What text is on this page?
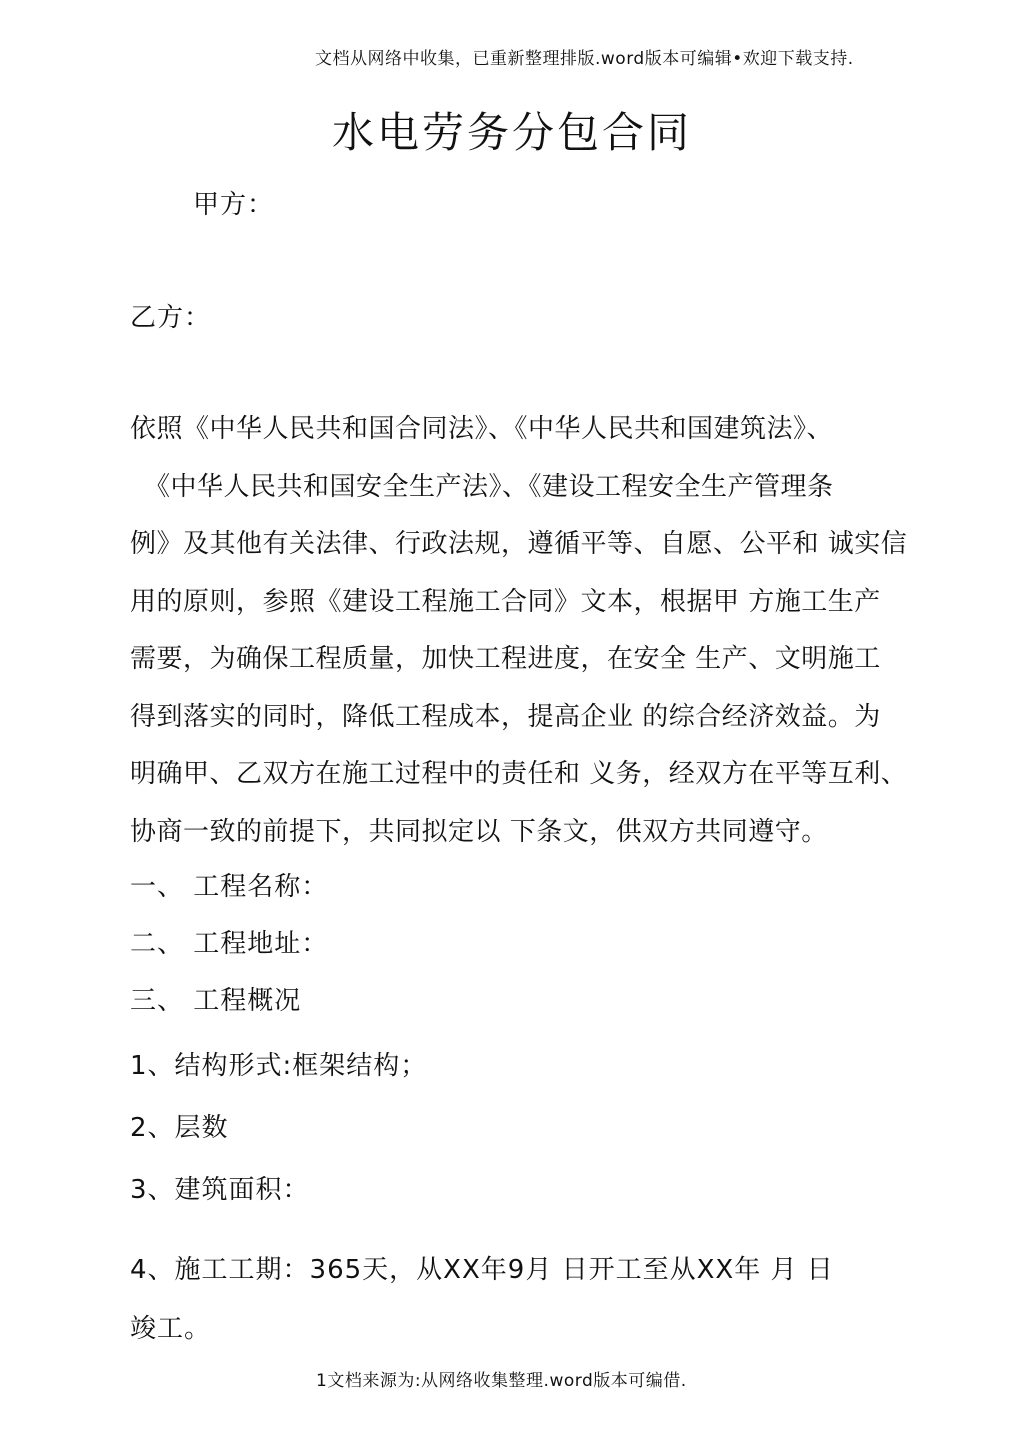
文档从网络中收集，已重新整理排版.word版本可编辑•欢迎下载支持.
水电劳务分包合同
甲方：
乙方：
依照《中华人民共和国合同法》、《中华人民共和国建筑法》、
《中华人民共和国安全生产法》、《建设工程安全生产管理条
例》及其他有关法律、行政法规，遵循平等、自愿、公平和 诚实信
用的原则，参照《建设工程施工合同》文本，根据甲 方施工生产
需要，为确保工程质量，加快工程进度，在安全 生产、文明施工
得到落实的同时，降低工程成本，提高企业 的综合经济效益。为
明确甲、乙双方在施工过程中的责任和 义务，经双方在平等互利、
协商一致的前提下，共同拟定以 下条文，供双方共同遵守。
一、 工程名称：
二、 工程地址：
三、 工程概况
1、结构形式:框架结构；
2、层数
3、建筑面积：
4、施工工期：365天，从XX年9月 日开工至从XX年 月 日
竣工。
1文档来源为:从网络收集整理.word版本可编借.
